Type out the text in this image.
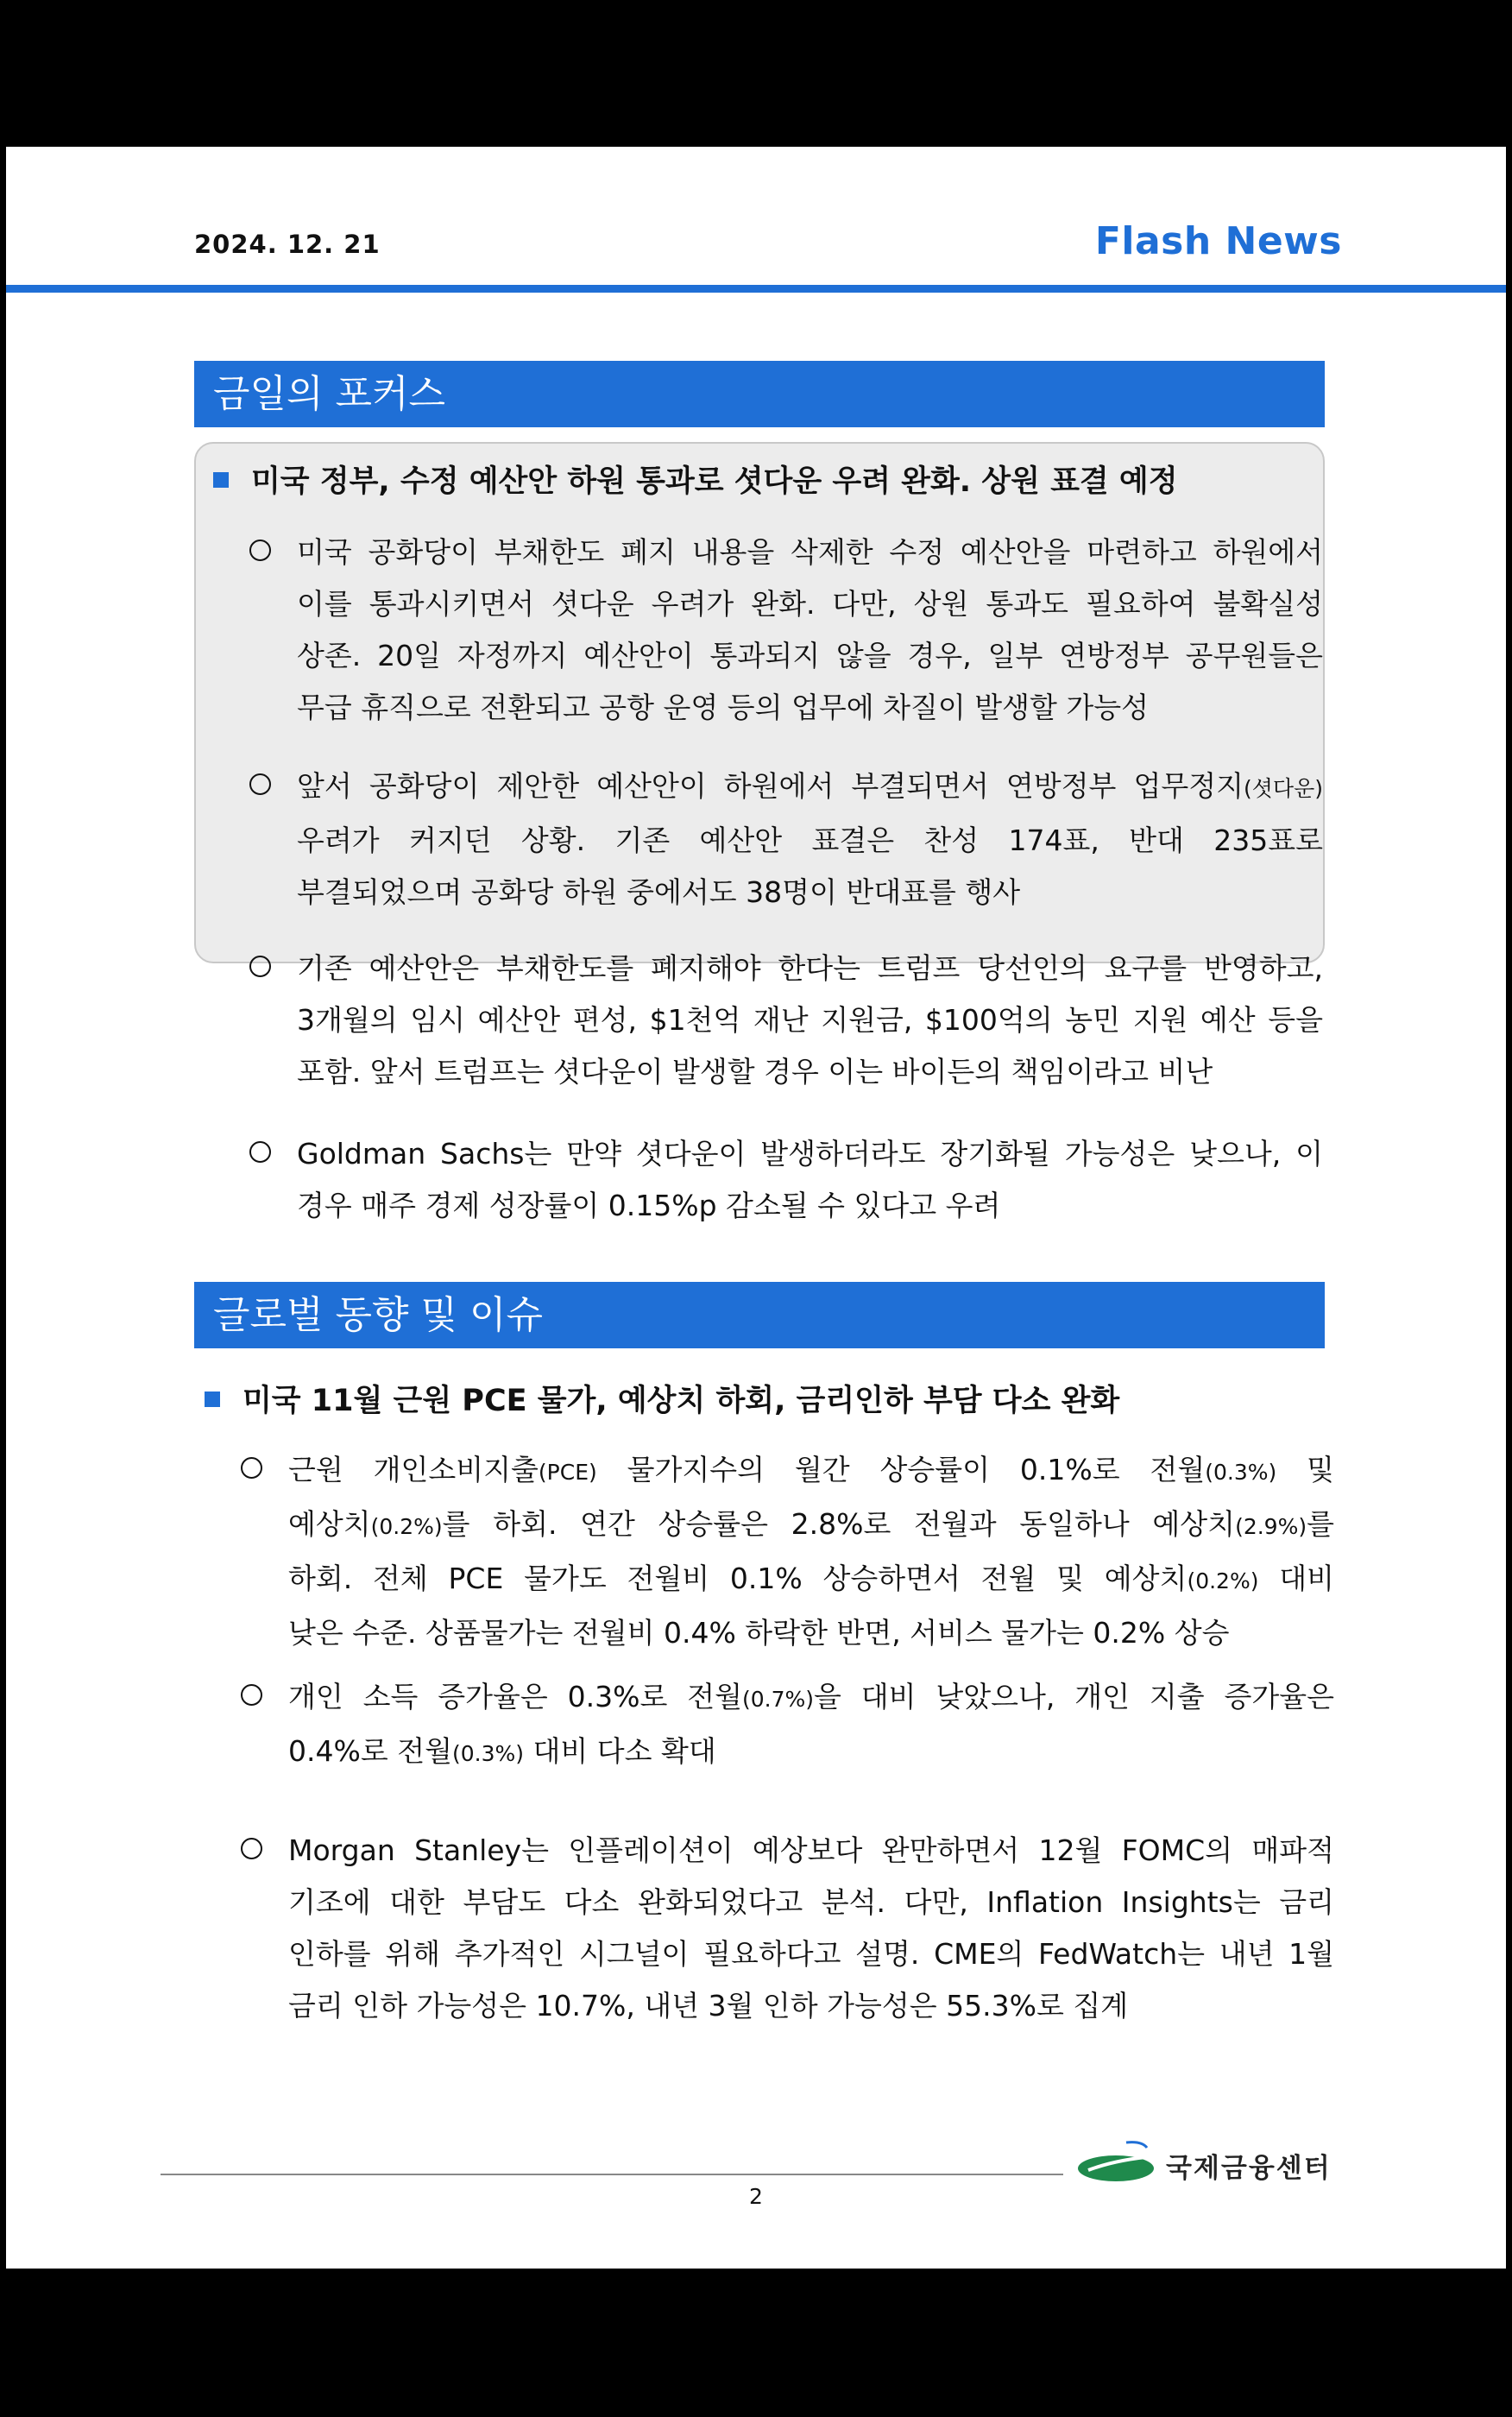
2024. 12. 21	Flash News
금일의 포커스
미국 정부, 수정 예산안 하원 통과로 셧다운 우려 완화. 상원 표결 예정
미국 공화당이 부채한도 폐지 내용을 삭제한 수정 예산안을 마련하고 하원에서
이를 통과시키면서 셧다운 우려가 완화. 다만, 상원 통과도 필요하여 불확실성
상존. 20일 자정까지 예산안이 통과되지 않을 경우, 일부 연방정부 공무원들은
무급 휴직으로 전환되고 공항 운영 등의 업무에 차질이 발생할 가능성
앞서 공화당이 제안한 예산안이 하원에서 부결되면서 연방정부 업무정지(셧다운)
우려가 커지던 상황. 기존 예산안 표결은 찬성 174표, 반대 235표로
부결되었으며 공화당 하원 중에서도 38명이 반대표를 행사
기존 예산안은 부채한도를 폐지해야 한다는 트럼프 당선인의 요구를 반영하고,
3개월의 임시 예산안 편성, $1천억 재난 지원금, $100억의 농민 지원 예산 등을
포함. 앞서 트럼프는 셧다운이 발생할 경우 이는 바이든의 책임이라고 비난
Goldman Sachs는 만약 셧다운이 발생하더라도 장기화될 가능성은 낮으나, 이
경우 매주 경제 성장률이 0.15%p 감소될 수 있다고 우려
글로벌 동향 및 이슈
미국 11월 근원 PCE 물가, 예상치 하회, 금리인하 부담 다소 완화
근원 개인소비지출(PCE) 물가지수의 월간 상승률이 0.1%로 전월(0.3%) 및
예상치(0.2%)를 하회. 연간 상승률은 2.8%로 전월과 동일하나 예상치(2.9%)를
하회. 전체 PCE 물가도 전월비 0.1% 상승하면서 전월 및 예상치(0.2%) 대비
낮은 수준. 상품물가는 전월비 0.4% 하락한 반면, 서비스 물가는 0.2% 상승
개인 소득 증가율은 0.3%로 전월(0.7%)을 대비 낮았으나, 개인 지출 증가율은
0.4%로 전월(0.3%) 대비 다소 확대
Morgan Stanley는 인플레이션이 예상보다 완만하면서 12월 FOMC의 매파적
기조에 대한 부담도 다소 완화되었다고 분석. 다만, Inflation Insights는 금리
인하를 위해 추가적인 시그널이 필요하다고 설명. CME의 FedWatch는 내년 1월
금리 인하 가능성은 10.7%, 내년 3월 인하 가능성은 55.3%로 집계
2
국제금융센터
